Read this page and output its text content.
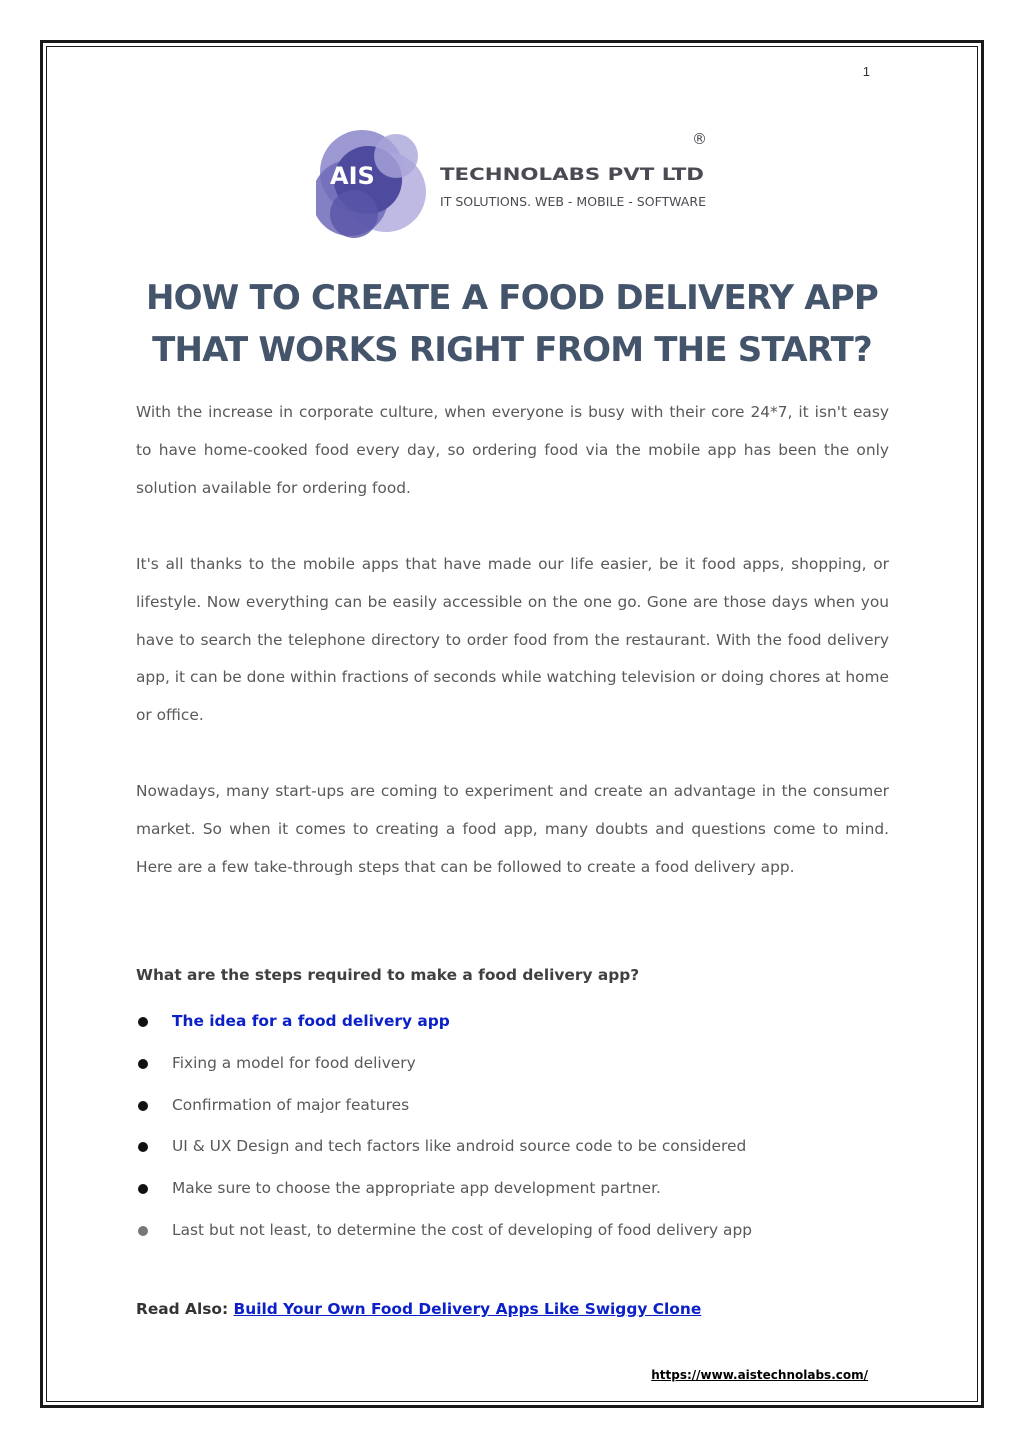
1
AIS	TECHNOLABS PVT LTD
IT SOLUTIONS. WEB - MOBILE - SOFTWARE
®
HOW TO CREATE A FOOD DELIVERY APP
THAT WORKS RIGHT FROM THE START?

With the increase in corporate culture, when everyone is busy with their core 24*7, it isn't easy to have home-cooked food every day, so ordering food via the mobile app has been the only solution available for ordering food.

It's all thanks to the mobile apps that have made our life easier, be it food apps, shopping, or lifestyle. Now everything can be easily accessible on the one go. Gone are those days when you have to search the telephone directory to order food from the restaurant. With the food delivery app, it can be done within fractions of seconds while watching television or doing chores at home or office.

Nowadays, many start-ups are coming to experiment and create an advantage in the consumer market. So when it comes to creating a food app, many doubts and questions come to mind. Here are a few take-through steps that can be followed to create a food delivery app.

What are the steps required to make a food delivery app?

The idea for a food delivery app
Fixing a model for food delivery
Confirmation of major features
UI & UX Design and tech factors like android source code to be considered
Make sure to choose the appropriate app development partner.
Last but not least, to determine the cost of developing of food delivery app

Read Also: Build Your Own Food Delivery Apps Like Swiggy Clone

https://www.aistechnolabs.com/
